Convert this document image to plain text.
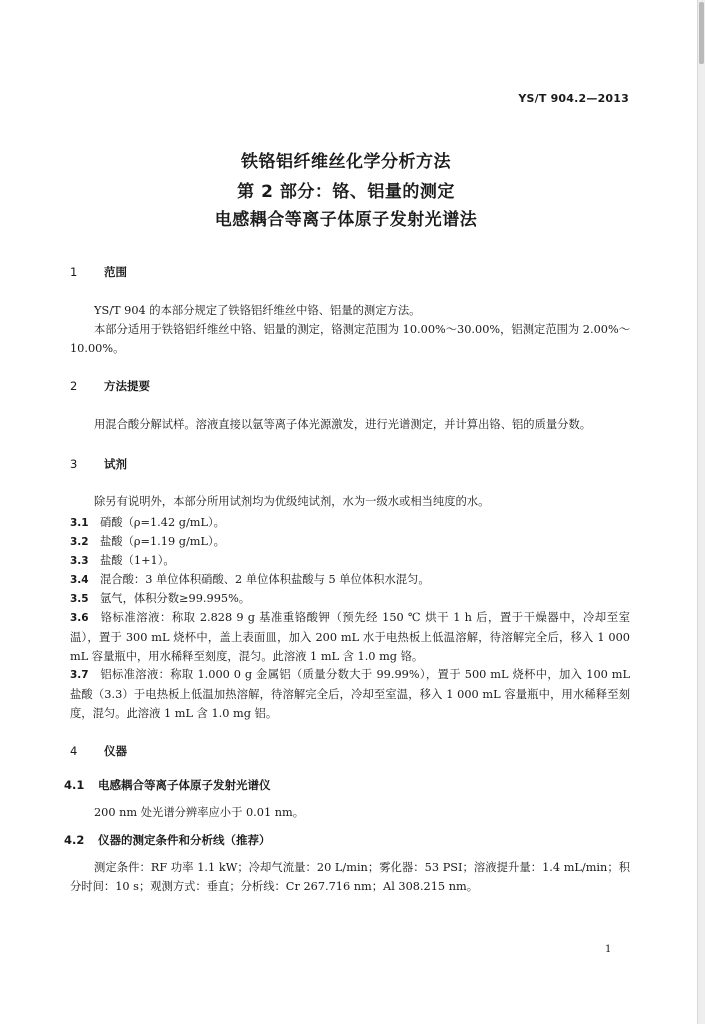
YS/T 904.2—2013
铁铬铝纤维丝化学分析方法
第 2 部分：铬、铝量的测定
电感耦合等离子体原子发射光谱法
1 范围
YS/T 904 的本部分规定了铁铬铝纤维丝中铬、铝量的测定方法。
本部分适用于铁铬铝纤维丝中铬、铝量的测定，铬测定范围为 10.00%～30.00%，铝测定范围为 2.00%～10.00%。
2 方法提要
用混合酸分解试样。溶液直接以氩等离子体光源激发，进行光谱测定，并计算出铬、铝的质量分数。
3 试剂
除另有说明外，本部分所用试剂均为优级纯试剂，水为一级水或相当纯度的水。
3.1 硝酸（ρ=1.42 g/mL）。
3.2 盐酸（ρ=1.19 g/mL）。
3.3 盐酸（1+1）。
3.4 混合酸：3 单位体积硝酸、2 单位体积盐酸与 5 单位体积水混匀。
3.5 氩气，体积分数≥99.995%。
3.6 铬标准溶液：称取 2.828 9 g 基准重铬酸钾（预先经 150 ℃ 烘干 1 h 后，置于干燥器中，冷却至室温），置于 300 mL 烧杯中，盖上表面皿，加入 200 mL 水于电热板上低温溶解，待溶解完全后，移入 1 000 mL 容量瓶中，用水稀释至刻度，混匀。此溶液 1 mL 含 1.0 mg 铬。
3.7 铝标准溶液：称取 1.000 0 g 金属铝（质量分数大于 99.99%），置于 500 mL 烧杯中，加入 100 mL 盐酸（3.3）于电热板上低温加热溶解，待溶解完全后，冷却至室温，移入 1 000 mL 容量瓶中，用水稀释至刻度，混匀。此溶液 1 mL 含 1.0 mg 铝。
4 仪器
4.1 电感耦合等离子体原子发射光谱仪
200 nm 处光谱分辨率应小于 0.01 nm。
4.2 仪器的测定条件和分析线（推荐）
测定条件：RF 功率 1.1 kW；冷却气流量：20 L/min；雾化器：53 PSI；溶液提升量：1.4 mL/min；积分时间：10 s；观测方式：垂直；分析线：Cr 267.716 nm；Al 308.215 nm。
1
